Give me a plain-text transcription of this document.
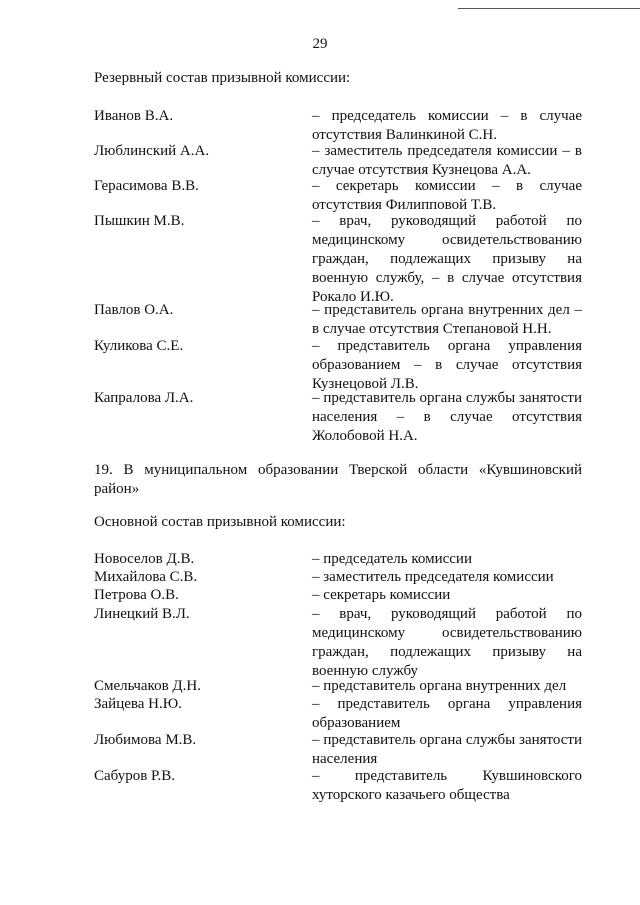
29
Резервный состав призывной комиссии:
Иванов В.А.	– председатель комиссии – в случае отсутствия Валинкиной С.Н.
Люблинский А.А.	– заместитель председателя комиссии – в случае отсутствия Кузнецова А.А.
Герасимова В.В.	– секретарь комиссии – в случае отсутствия Филипповой Т.В.
Пышкин М.В.	– врач, руководящий работой по медицинскому освидетельствованию граждан, подлежащих призыву на военную службу, – в случае отсутствия Рокало И.Ю.
Павлов О.А.	– представитель органа внутренних дел – в случае отсутствия Степановой Н.Н.
Куликова С.Е.	– представитель органа управления образованием – в случае отсутствия Кузнецовой Л.В.
Капралова Л.А.	– представитель органа службы занятости населения – в случае отсутствия Жолобовой Н.А.
19. В муниципальном образовании Тверской области «Кувшиновский район»
Основной состав призывной комиссии:
Новоселов Д.В.	– председатель комиссии
Михайлова С.В.	– заместитель председателя комиссии
Петрова О.В.	– секретарь комиссии
Линецкий В.Л.	– врач, руководящий работой по медицинскому освидетельствованию граждан, подлежащих призыву на военную службу
Смельчаков Д.Н.	– представитель органа внутренних дел
Зайцева Н.Ю.	– представитель органа управления образованием
Любимова М.В.	– представитель органа службы занятости населения
Сабуров Р.В.	– представитель Кувшиновского хуторского казачьего общества
